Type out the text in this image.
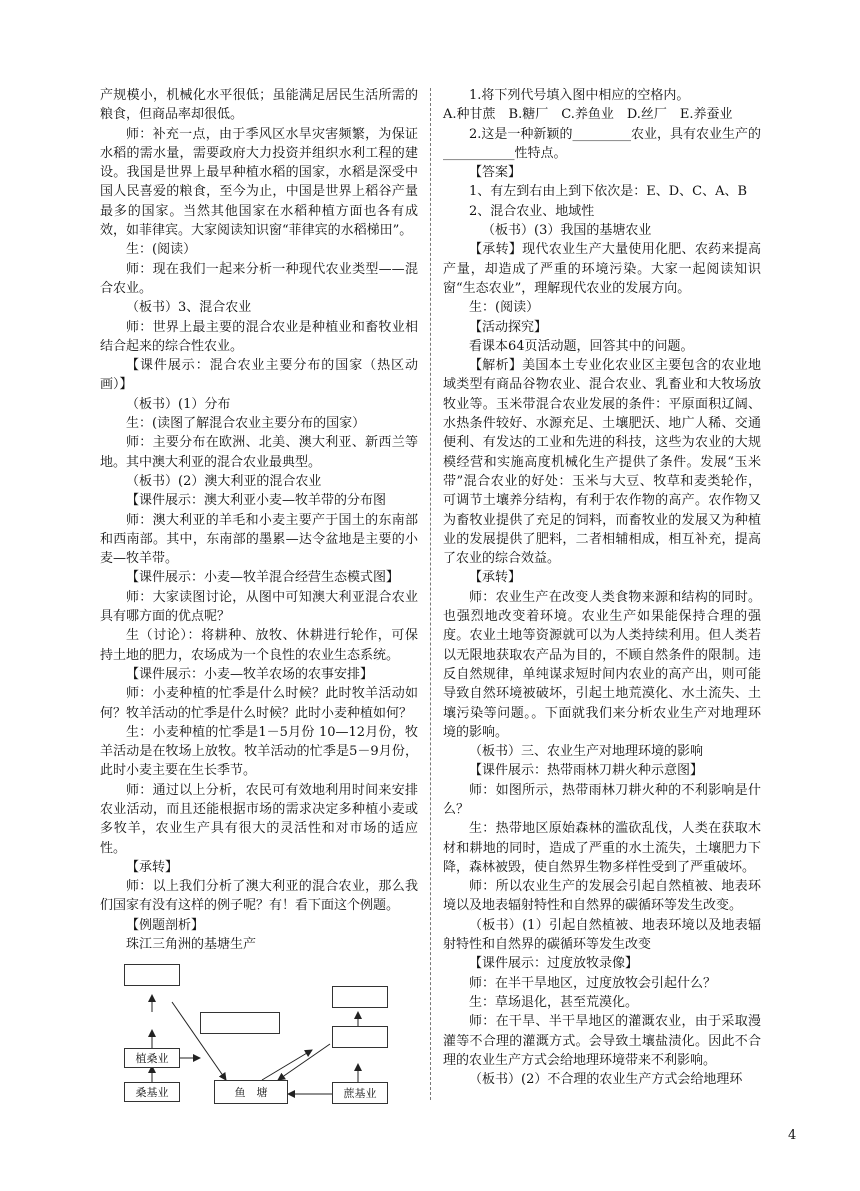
产规模小，机械化水平很低；虽能满足居民生活所需的粮食，但商品率却很低。

师：补充一点，由于季风区水旱灾害频繁，为保证水稻的需水量，需要政府大力投资并组织水利工程的建设。我国是世界上最早种植水稻的国家，水稻是深受中国人民喜爱的粮食，至今为止，中国是世界上稻谷产量最多的国家。当然其他国家在水稻种植方面也各有成效，如菲律宾。大家阅读知识窗“菲律宾的水稻梯田”。

生：(阅读）

师：现在我们一起来分析一种现代农业类型——混合农业。

（板书）3、混合农业

师：世界上最主要的混合农业是种植业和畜牧业相结合起来的综合性农业。

【课件展示：混合农业主要分布的国家（热区动画）】

（板书）(1）分布

生：(读图了解混合农业主要分布的国家）

师：主要分布在欧洲、北美、澳大利亚、新西兰等地。其中澳大利亚的混合农业最典型。

（板书）(2）澳大利亚的混合农业

【课件展示：澳大利亚小麦—牧羊带的分布图

师：澳大利亚的羊毛和小麦主要产于国土的东南部和西南部。其中，东南部的墨累—达令盆地是主要的小麦—牧羊带。

【课件展示：小麦—牧羊混合经营生态模式图】

师：大家读图讨论，从图中可知澳大利亚混合农业具有哪方面的优点呢？

生（讨论）：将耕种、放牧、休耕进行轮作，可保持土地的肥力，农场成为一个良性的农业生态系统。

【课件展示：小麦—牧羊农场的农事安排】

师：小麦种植的忙季是什么时候？此时牧羊活动如何？牧羊活动的忙季是什么时候？此时小麦种植如何？

生：小麦种植的忙季是1－5月份 10—12月份，牧羊活动是在牧场上放牧。牧羊活动的忙季是5－9月份，此时小麦主要在生长季节。

师：通过以上分析，农民可有效地利用时间来安排农业活动，而且还能根据市场的需求决定多种植小麦或多牧羊，农业生产具有很大的灵活性和对市场的适应性。

【承转】

师：以上我们分析了澳大利亚的混合农业，那么我们国家有没有这样的例子呢？有！看下面这个例题。

【例题剖析】

珠江三角洲的基塘生产

植桑业
桑基业	鱼　塘	蔗基业

1.将下列代号填入图中相应的空格内。

A.种甘蔗　B.糖厂　C.养鱼业　D.丝厂　E.养蚕业

2.这是一种新颖的_________农业，具有农业生产的___________性特点。

【答案】

1、有左到右由上到下依次是：E、D、C、A、B

2、混合农业、地域性

（板书）(3）我国的基塘农业

【承转】现代农业生产大量使用化肥、农药来提高产量，却造成了严重的环境污染。大家一起阅读知识窗“生态农业”，理解现代农业的发展方向。

生：(阅读）

【活动探究】

看课本64页活动题，回答其中的问题。

【解析】美国本土专业化农业区主要包含的农业地域类型有商品谷物农业、混合农业、乳畜业和大牧场放牧业等。玉米带混合农业发展的条件：平原面积辽阔、水热条件较好、水源充足、土壤肥沃、地广人稀、交通便利、有发达的工业和先进的科技，这些为农业的大规模经营和实施高度机械化生产提供了条件。发展“玉米带”混合农业的好处：玉米与大豆、牧草和麦类轮作，可调节土壤养分结构，有利于农作物的高产。农作物又为畜牧业提供了充足的饲料，而畜牧业的发展又为种植业的发展提供了肥料，二者相辅相成，相互补充，提高了农业的综合效益。

【承转】

师：农业生产在改变人类食物来源和结构的同时。也强烈地改变着环境。农业生产如果能保持合理的强度。农业土地等资源就可以为人类持续利用。但人类若以无限地获取农产品为目的，不顾自然条件的限制。违反自然规律，单纯谋求短时间内农业的高产出，则可能导致自然环境被破坏，引起土地荒漠化、水土流失、土壤污染等问题。。下面就我们来分析农业生产对地理环境的影响。

（板书）三、农业生产对地理环境的影响

【课件展示：热带雨林刀耕火种示意图】

师：如图所示，热带雨林刀耕火种的不利影响是什么？

生：热带地区原始森林的滥砍乱伐，人类在获取木材和耕地的同时，造成了严重的水土流失，土壤肥力下降，森林被毁，使自然界生物多样性受到了严重破坏。

师：所以农业生产的发展会引起自然植被、地表环境以及地表辐射特性和自然界的碳循环等发生改变。

（板书）(1）引起自然植被、地表环境以及地表辐射特性和自然界的碳循环等发生改变

【课件展示：过度放牧录像】

师：在半干旱地区，过度放牧会引起什么？

生：草场退化，甚至荒漠化。

师：在干旱、半干旱地区的灌溉农业，由于采取漫灌等不合理的灌溉方式。会导致土壤盐渍化。因此不合理的农业生产方式会给地理环境带来不利影响。

（板书）(2）不合理的农业生产方式会给地理环

4
